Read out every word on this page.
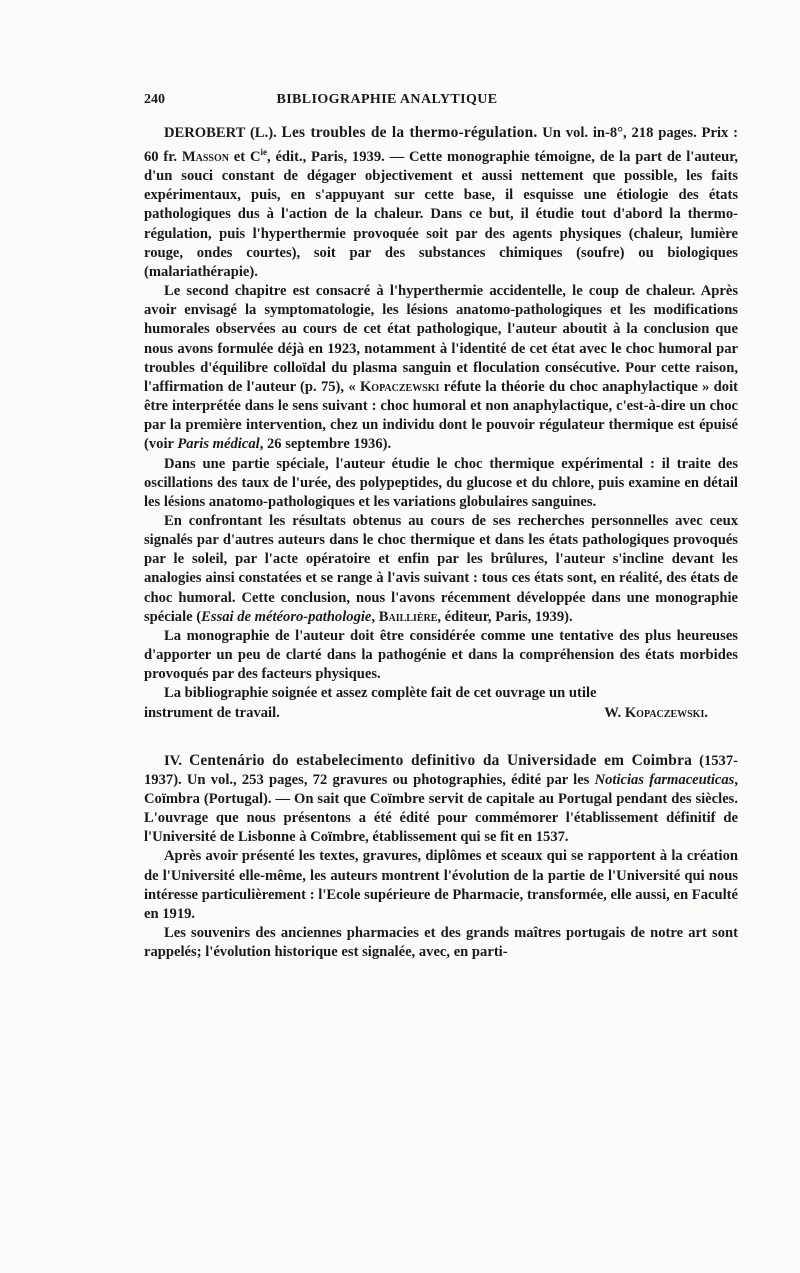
240	BIBLIOGRAPHIE ANALYTIQUE

DEROBERT (L.). Les troubles de la thermo-régulation. Un vol. in-8°, 218 pages. Prix : 60 fr. Masson et $C^{ie}$, édit., Paris, 1939. — Cette monographie témoigne, de la part de l'auteur, d'un souci constant de dégager objectivement et aussi nettement que possible, les faits expérimentaux, puis, en s'appuyant sur cette base, il esquisse une étiologie des états pathologiques dus à l'action de la chaleur. Dans ce but, il étudie tout d'abord la thermo-régulation, puis l'hyperthermie provoquée soit par des agents physiques (chaleur, lumière rouge, ondes courtes), soit par des substances chimiques (soufre) ou biologiques (malariathérapie).

Le second chapitre est consacré à l'hyperthermie accidentelle, le coup de chaleur. Après avoir envisagé la symptomatologie, les lésions anatomo-pathologiques et les modifications humorales observées au cours de cet état pathologique, l'auteur aboutit à la conclusion que nous avons formulée déjà en 1923, notamment à l'identité de cet état avec le choc humoral par troubles d'équilibre colloïdal du plasma sanguin et floculation consécutive. Pour cette raison, l'affirmation de l'auteur (p. 75), « Kopaczewski réfute la théorie du choc anaphylactique » doit être interprétée dans le sens suivant : choc humoral et non anaphylactique, c'est-à-dire un choc par la première intervention, chez un individu dont le pouvoir régulateur thermique est épuisé (voir Paris médical, 26 septembre 1936).

Dans une partie spéciale, l'auteur étudie le choc thermique expérimental : il traite des oscillations des taux de l'urée, des polypeptides, du glucose et du chlore, puis examine en détail les lésions anatomo-pathologiques et les variations globulaires sanguines.

En confrontant les résultats obtenus au cours de ses recherches personnelles avec ceux signalés par d'autres auteurs dans le choc thermique et dans les états pathologiques provoqués par le soleil, par l'acte opératoire et enfin par les brûlures, l'auteur s'incline devant les analogies ainsi constatées et se range à l'avis suivant : tous ces états sont, en réalité, des états de choc humoral. Cette conclusion, nous l'avons récemment développée dans une monographie spéciale (Essai de météoro-pathologie, Baillière, éditeur, Paris, 1939).

La monographie de l'auteur doit être considérée comme une tentative des plus heureuses d'apporter un peu de clarté dans la pathogénie et dans la compréhension des états morbides provoqués par des facteurs physiques.

La bibliographie soignée et assez complète fait de cet ouvrage un utile

instrument de travail.	W. Kopaczewski.

IV. Centenário do estabelecimento definitivo da Universidade em Coimbra (1537-1937). Un vol., 253 pages, 72 gravures ou photographies, édité par les Noticias farmaceuticas, Coïmbra (Portugal). — On sait que Coïmbre servit de capitale au Portugal pendant des siècles. L'ouvrage que nous présentons a été édité pour commémorer l'établissement définitif de l'Université de Lisbonne à Coïmbre, établissement qui se fit en 1537.

Après avoir présenté les textes, gravures, diplômes et sceaux qui se rapportent à la création de l'Université elle-même, les auteurs montrent l'évolution de la partie de l'Université qui nous intéresse particulièrement : l'Ecole supérieure de Pharmacie, transformée, elle aussi, en Faculté en 1919.

Les souvenirs des anciennes pharmacies et des grands maîtres portugais de notre art sont rappelés; l'évolution historique est signalée, avec, en parti-
